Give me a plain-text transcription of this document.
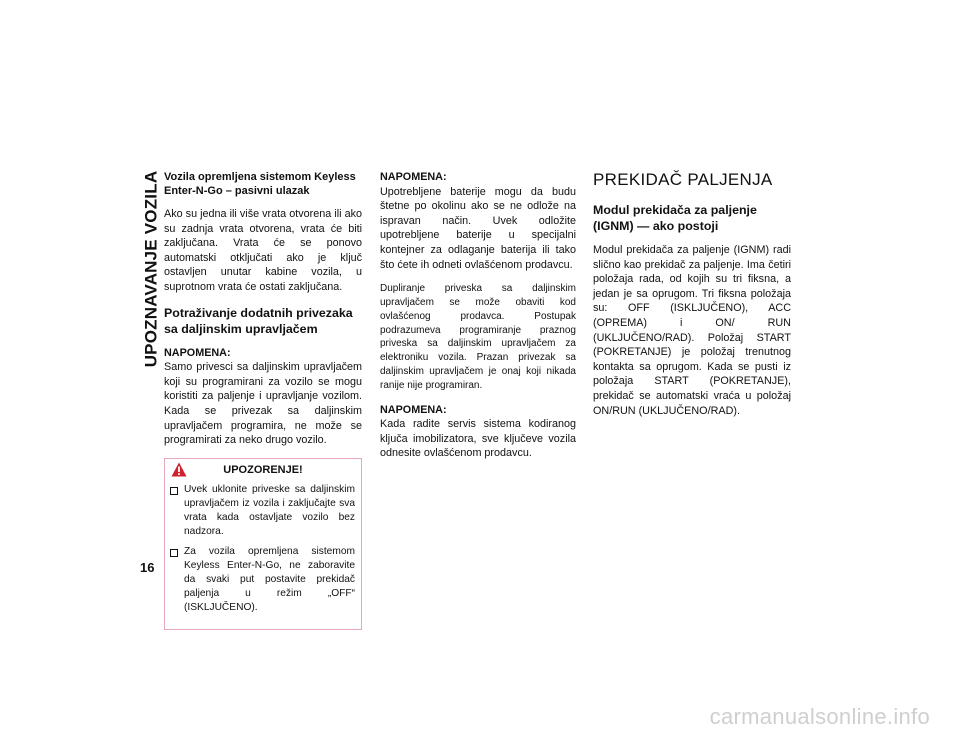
UPOZNAVANJE VOZILA
16

Vozila opremljena sistemom Keyless Enter-N-Go – pasivni ulazak

Ako su jedna ili više vrata otvorena ili ako su zadnja vrata otvorena, vrata će biti zaključana. Vrata će se ponovo automatski otključati ako je ključ ostavljen unutar kabine vozila, u suprotnom vrata će ostati zaključana.

Potraživanje dodatnih privezaka sa daljinskim upravljačem

NAPOMENA:

Samo privesci sa daljinskim upravljačem koji su programirani za vozilo se mogu koristiti za paljenje i upravljanje vozilom. Kada se privezak sa daljinskim upravljačem programira, ne može se programirati za neko drugo vozilo.

UPOZORENJE!
Uvek uklonite priveske sa daljinskim upravljačem iz vozila i zaključajte sva vrata kada ostavljate vozilo bez nadzora.
Za vozila opremljena sistemom Keyless Enter-N-Go, ne zaboravite da svaki put postavite prekidač paljenja u režim „OFF“ (ISKLJUČENO).

NAPOMENA:

Upotrebljene baterije mogu da budu štetne po okolinu ako se ne odlože na ispravan način. Uvek odložite upotrebljene baterije u specijalni kontejner za odlaganje baterija ili tako što ćete ih odneti ovlašćenom prodavcu.

Dupliranje priveska sa daljinskim upravljačem se može obaviti kod ovlašćenog prodavca. Postupak podrazumeva programiranje praznog priveska sa daljinskim upravljačem za elektroniku vozila. Prazan privezak sa daljinskim upravljačem je onaj koji nikada ranije nije programiran.

NAPOMENA:

Kada radite servis sistema kodiranog ključa imobilizatora, sve ključeve vozila odnesite ovlašćenom prodavcu.

PREKIDAČ PALJENJA
Modul prekidača za paljenje (IGNM) — ako postoji

Modul prekidača za paljenje (IGNM) radi slično kao prekidač za paljenje. Ima četiri položaja rada, od kojih su tri fiksna, a jedan je sa oprugom. Tri fiksna položaja su: OFF (ISKLJUČENO), ACC (OPREMA) i ON/ RUN (UKLJUČENO/RAD). Položaj START (POKRETANJE) je položaj trenutnog kontakta sa oprugom. Kada se pusti iz položaja START (POKRETANJE), prekidač se automatski vraća u položaj ON/RUN (UKLJUČENO/RAD).

carmanualsonline.info
